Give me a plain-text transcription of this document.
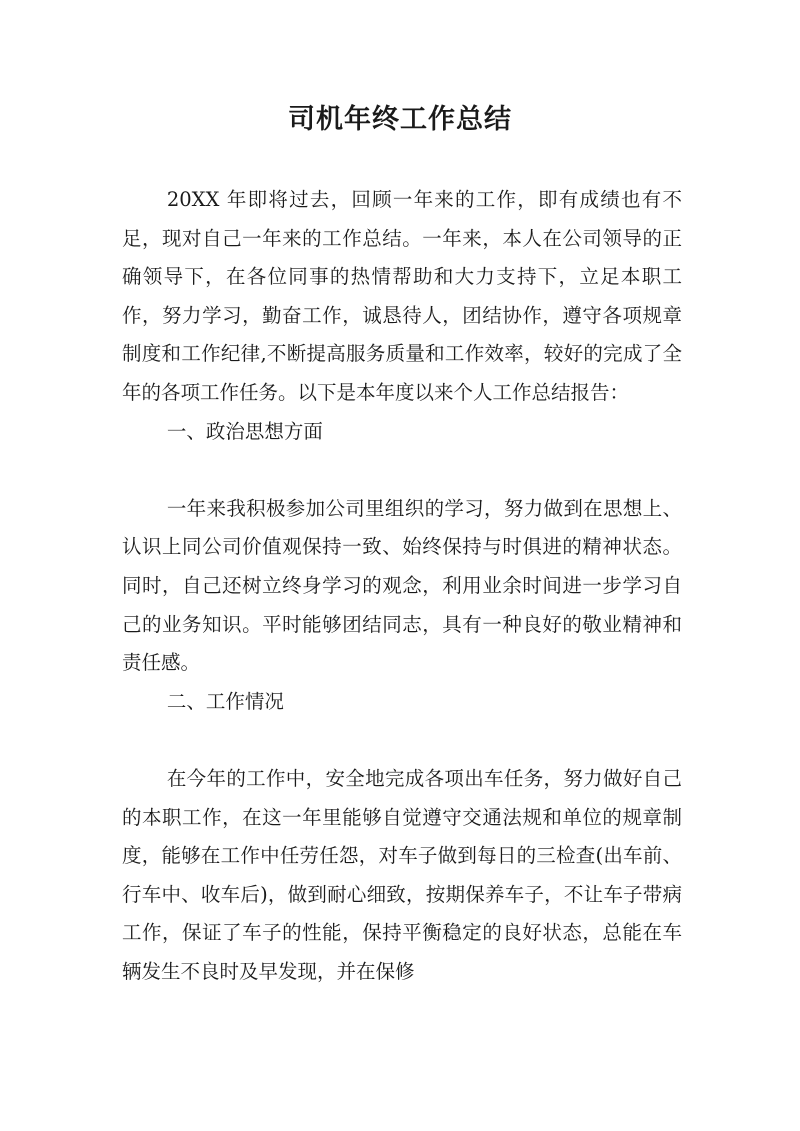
司机年终工作总结

20XX 年即将过去，回顾一年来的工作，即有成绩也有不足，现对自己一年来的工作总结。一年来，本人在公司领导的正确领导下，在各位同事的热情帮助和大力支持下，立足本职工作，努力学习，勤奋工作，诚恳待人，团结协作，遵守各项规章制度和工作纪律,不断提高服务质量和工作效率，较好的完成了全年的各项工作任务。以下是本年度以来个人工作总结报告：

一、政治思想方面

一年来我积极参加公司里组织的学习，努力做到在思想上、认识上同公司价值观保持一致、始终保持与时俱进的精神状态。同时，自己还树立终身学习的观念，利用业余时间进一步学习自己的业务知识。平时能够团结同志，具有一种良好的敬业精神和责任感。

二、工作情况

在今年的工作中，安全地完成各项出车任务，努力做好自己的本职工作，在这一年里能够自觉遵守交通法规和单位的规章制度，能够在工作中任劳任怨，对车子做到每日的三检查(出车前、行车中、收车后)，做到耐心细致，按期保养车子，不让车子带病工作，保证了车子的性能，保持平衡稳定的良好状态，总能在车辆发生不良时及早发现，并在保修
